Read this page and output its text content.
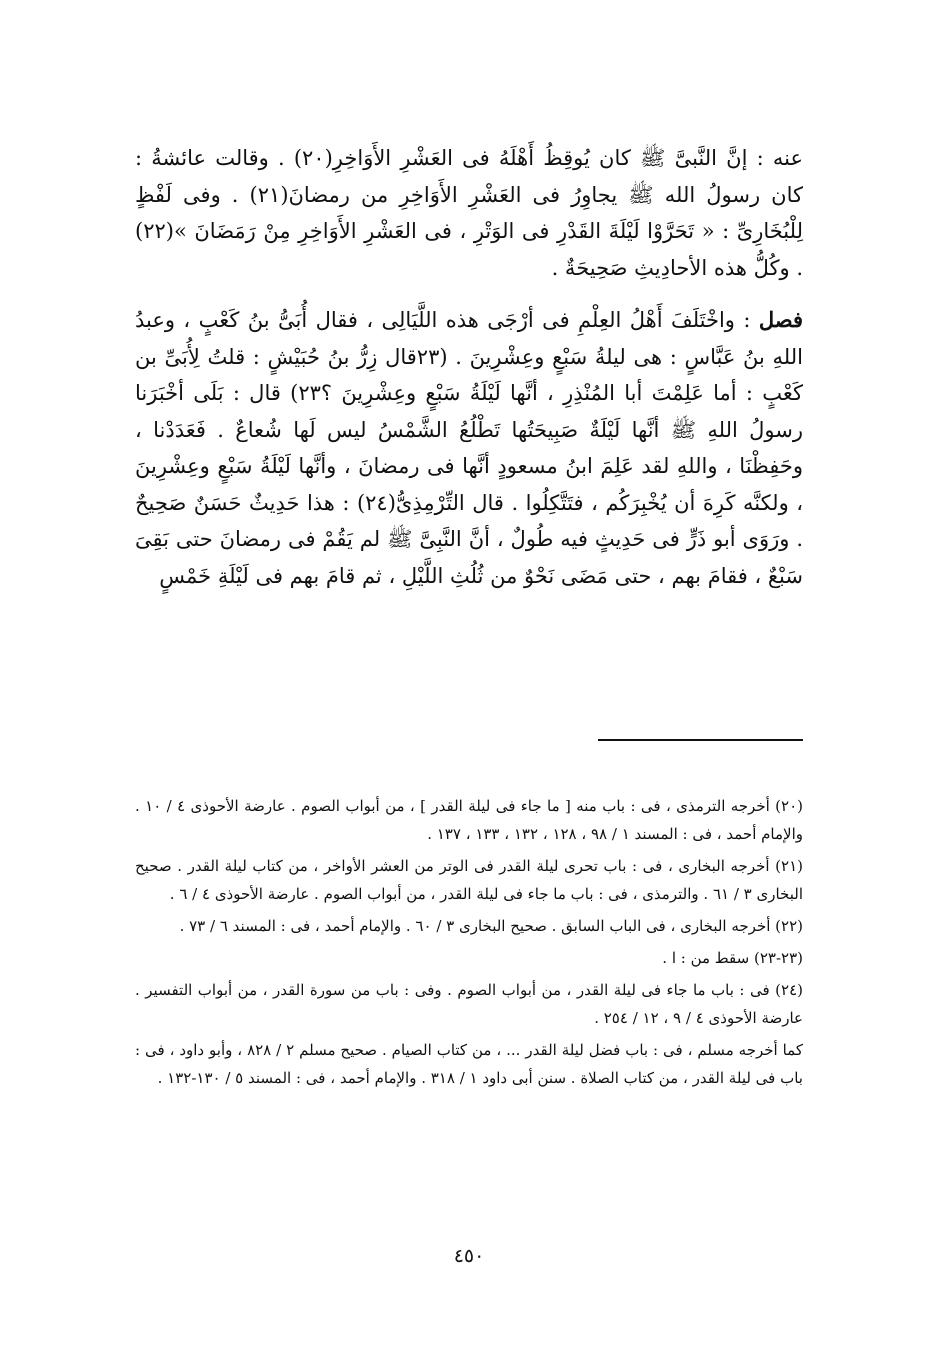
عنه : إنَّ النَّبىَّ ﷺ كان يُوقِظُ أَهْلَهُ فى العَشْرِ الأَوَاخِرِ(٢٠) . وقالت عائشةُ : كان رسولُ الله ﷺ يجاوِرُ فى العَشْرِ الأَوَاخِرِ من رمضانَ(٢١) . وفى لَفْظٍ لِلْبُخَارِىِّ : « تَحَرَّوْا لَيْلَةَ القَدْرِ فى الوَتْرِ ، فى العَشْرِ الأَوَاخِرِ مِنْ رَمَضَانَ »(٢٢) . وكُلُّ هذه الأحادِيثِ صَحِيحَةٌ .

فصل : واخْتَلَفَ أَهْلُ العِلْمِ فى أرْجَى هذه اللَّيَالِى ، فقال أُبَىُّ بنُ كَعْبٍ ، وعبدُ اللهِ بنُ عَبَّاسٍ : هى ليلةُ سَبْعٍ وعِشْرِينَ . (٢٣قال زِرُّ بنُ حُبَيْشٍ : قلتُ لِأُبَىِّ بن كَعْبٍ : أما عَلِمْتَ أبا المُنْذِرِ ، أنَّها لَيْلَةُ سَبْعٍ وعِشْرِينَ ؟٢٣) قال : بَلَى أخْبَرَنا رسولُ اللهِ ﷺ أنَّها لَيْلَةٌ صَبِيحَتُها تَطْلُعُ الشَّمْسُ ليس لَها شُعاعٌ . فَعَدَدْنا ، وحَفِظْنَا ، واللهِ لقد عَلِمَ ابنُ مسعودٍ أنَّها فى رمضانَ ، وأنَّها لَيْلَةُ سَبْعٍ وعِشْرِينَ ، ولكنَّه كَرِهَ أن يُخْبِرَكُم ، فتَتَّكِلُوا . قال التِّرْمِذِىُّ(٢٤) : هذا حَدِيثٌ حَسَنٌ صَحِيحٌ . ورَوَى أبو ذَرٍّ فى حَدِيثٍ فيه طُولٌ ، أنَّ النَّبِىَّ ﷺ لم يَقُمْ فى رمضانَ حتى بَقِىَ سَبْعٌ ، فقامَ بهم ، حتى مَضَى نَحْوٌ من ثُلُثِ اللَّيْلِ ، ثم قامَ بهم فى لَيْلَةِ خَمْسٍ

(٢٠) أخرجه الترمذى ، فى : باب منه [ ما جاء فى ليلة القدر ] ، من أبواب الصوم . عارضة الأحوذى ٤ / ١٠ . والإمام أحمد ، فى : المسند ١ / ٩٨ ، ١٢٨ ، ١٣٢ ، ١٣٣ ، ١٣٧ .

(٢١) أخرجه البخارى ، فى : باب تحرى ليلة القدر فى الوتر من العشر الأواخر ، من كتاب ليلة القدر . صحيح البخارى ٣ / ٦١ . والترمذى ، فى : باب ما جاء فى ليلة القدر ، من أبواب الصوم . عارضة الأحوذى ٤ / ٦ .

(٢٢) أخرجه البخارى ، فى الباب السابق . صحيح البخارى ٣ / ٦٠ . والإمام أحمد ، فى : المسند ٦ / ٧٣ .

(٢٣-٢٣) سقط من : ا .

(٢٤) فى : باب ما جاء فى ليلة القدر ، من أبواب الصوم . وفى : باب من سورة القدر ، من أبواب التفسير . عارضة الأحوذى ٤ / ٩ ، ١٢ / ٢٥٤ .

كما أخرجه مسلم ، فى : باب فضل ليلة القدر ... ، من كتاب الصيام . صحيح مسلم ٢ / ٨٢٨ ، وأبو داود ، فى : باب فى ليلة القدر ، من كتاب الصلاة . سنن أبى داود ١ / ٣١٨ . والإمام أحمد ، فى : المسند ٥ / ١٣٠-١٣٢ .

٤٥٠
